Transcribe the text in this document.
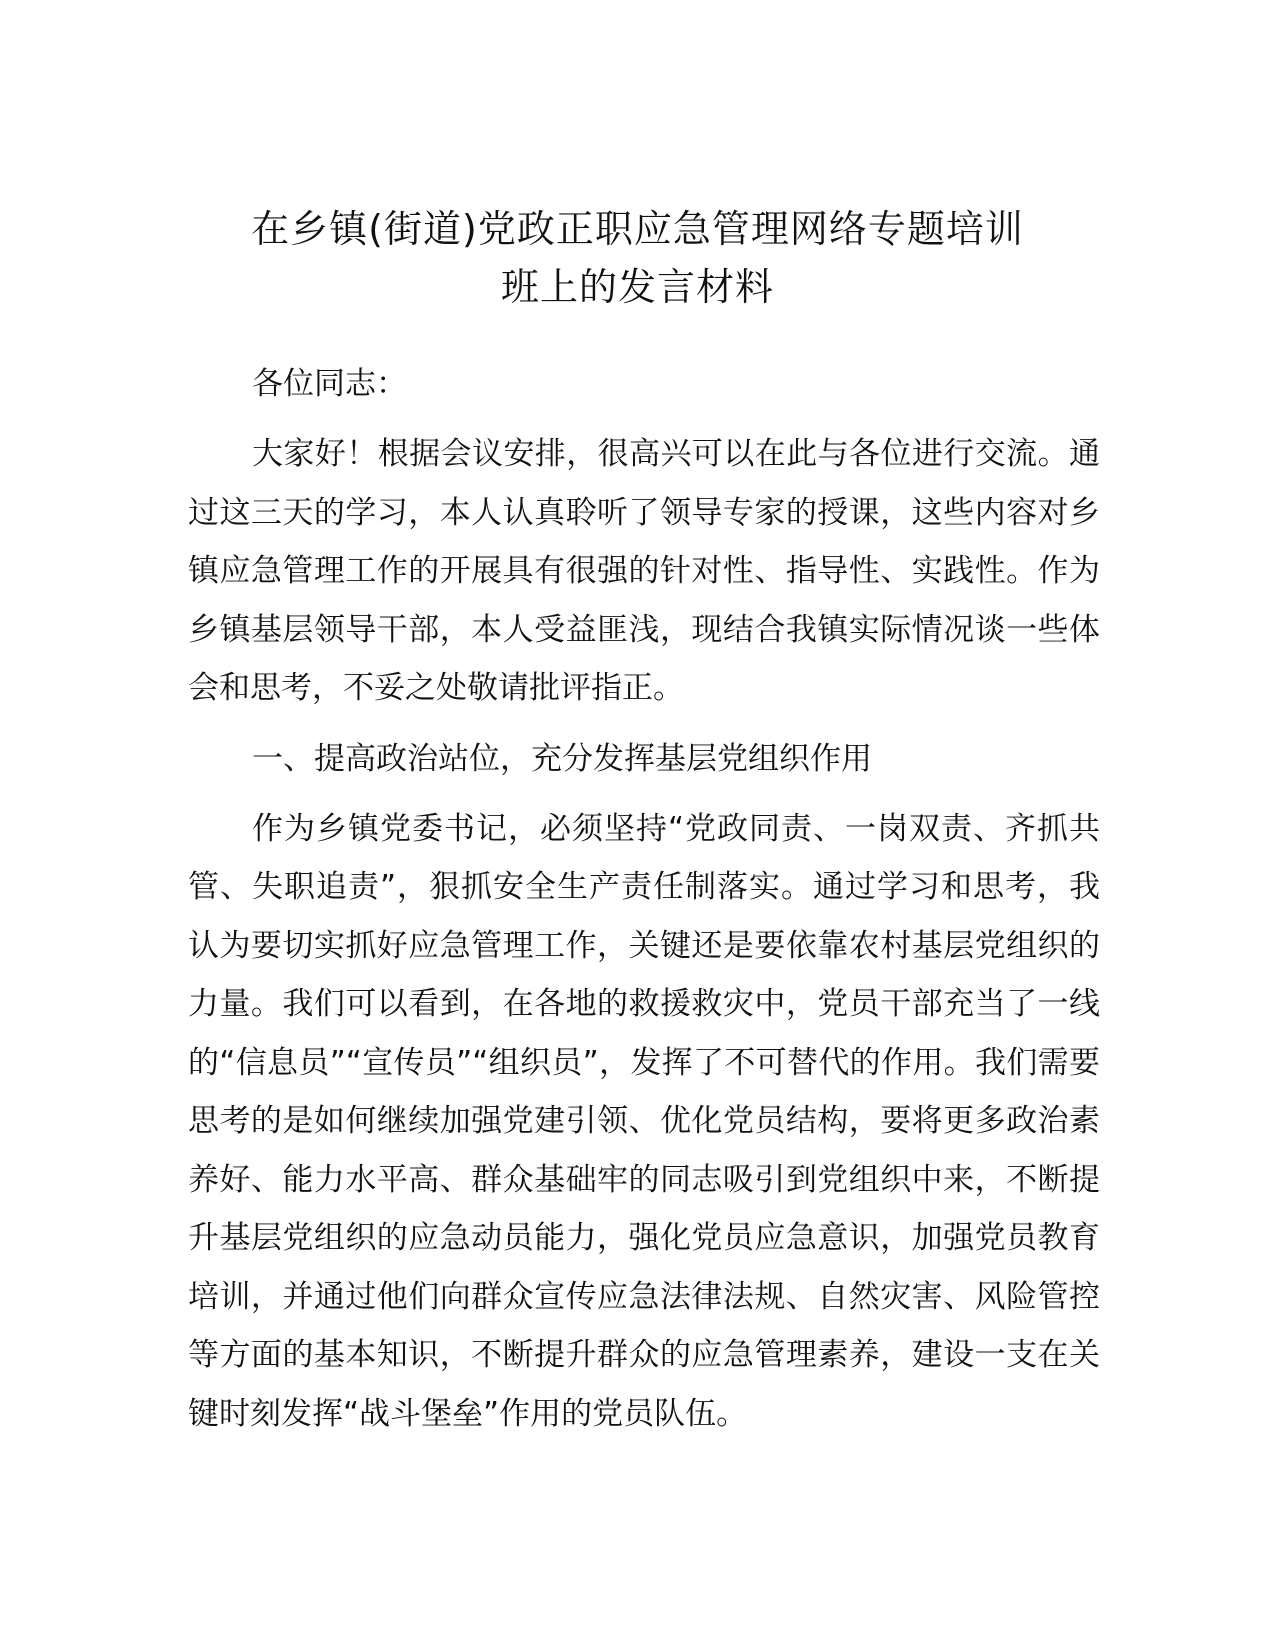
在乡镇(街道)党政正职应急管理网络专题培训
班上的发言材料

各位同志：

大家好！根据会议安排，很高兴可以在此与各位进行交流。通过这三天的学习，本人认真聆听了领导专家的授课，这些内容对乡镇应急管理工作的开展具有很强的针对性、指导性、实践性。作为乡镇基层领导干部，本人受益匪浅，现结合我镇实际情况谈一些体会和思考，不妥之处敬请批评指正。

一、提高政治站位，充分发挥基层党组织作用

作为乡镇党委书记，必须坚持“党政同责、一岗双责、齐抓共管、失职追责”，狠抓安全生产责任制落实。通过学习和思考，我认为要切实抓好应急管理工作，关键还是要依靠农村基层党组织的力量。我们可以看到，在各地的救援救灾中，党员干部充当了一线的“信息员”“宣传员”“组织员”，发挥了不可替代的作用。我们需要思考的是如何继续加强党建引领、优化党员结构，要将更多政治素养好、能力水平高、群众基础牢的同志吸引到党组织中来，不断提升基层党组织的应急动员能力，强化党员应急意识，加强党员教育培训，并通过他们向群众宣传应急法律法规、自然灾害、风险管控等方面的基本知识，不断提升群众的应急管理素养，建设一支在关键时刻发挥“战斗堡垒”作用的党员队伍。
